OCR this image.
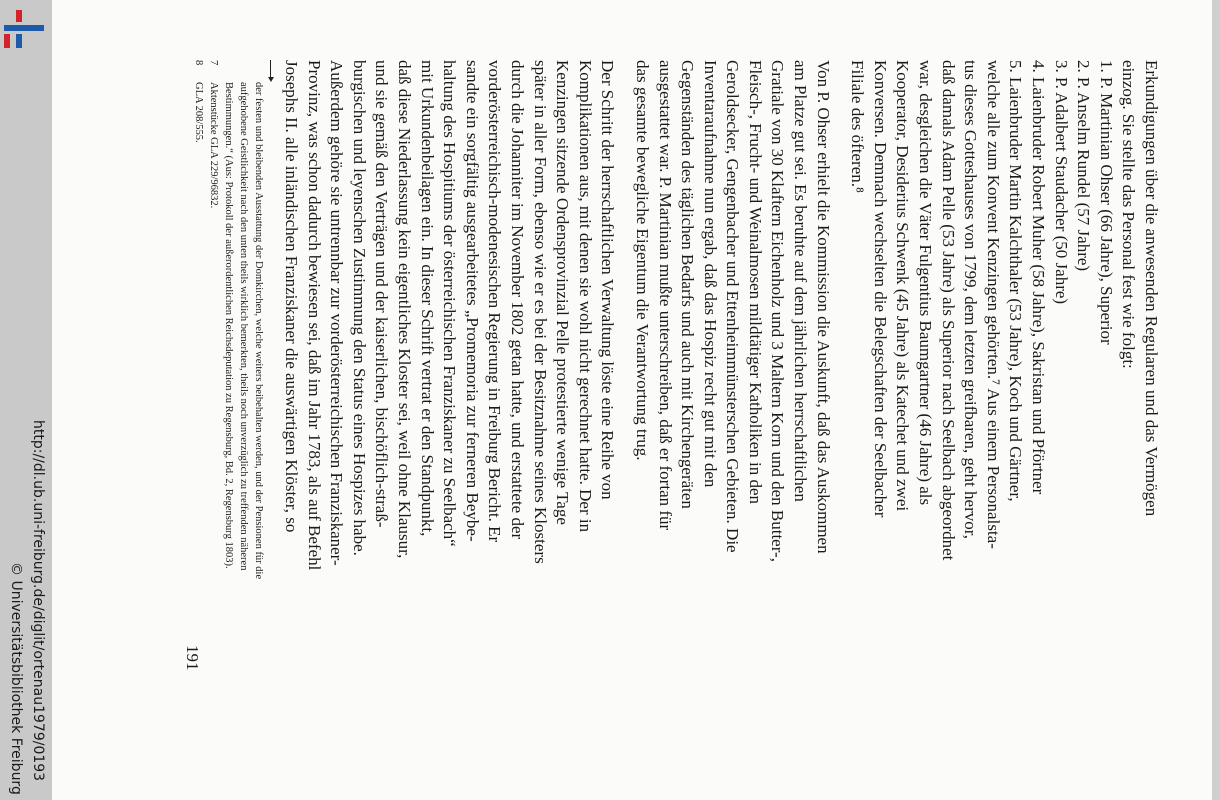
http://dl.ub.uni-freiburg.de/diglit/ortenau1979/0193
© Universitätsbibliothek Freiburg
Erkundigungen über die anwesenden Regularen und das Vermögen
einzog. Sie stellte das Personal fest wie folgt:
1. P. Martinian Ohser (66 Jahre), Superior
2. P. Anselm Rundel (57 Jahre)
3. P. Adalbert Staudacher (50 Jahre)
4. Laienbruder Robert Muher (58 Jahre), Sakristan und Pförtner
5. Laienbruder Martin Kalchthaler (53 Jahre), Koch und Gärtner,
welche alle zum Konvent Kenzingen gehörten.⁷ Aus einem Personalsta-
tus dieses Gotteshauses von 1799, dem letzten greifbaren, geht hervor,
daß damals Adam Pelle (53 Jahre) als Superior nach Seelbach abgeordnet
war, desgleichen die Väter Fulgentius Baumgartner (46 Jahre) als
Kooperator, Desiderius Schwenk (45 Jahre) als Katechet und zwei
Konversen. Demnach wechselten die Belegschaften der Seelbacher
Filiale des öfteren.⁸
Von P. Ohser erhielt die Kommission die Auskunft, daß das Auskommen
am Platze gut sei. Es beruhte auf dem jährlichen herrschaftlichen
Gratiale von 30 Klaftern Eichenholz und 3 Maltern Korn und den Butter-,
Fleisch-, Frucht- und Weinalmosen mildtätiger Katholiken in den
Geroldsecker, Gengenbacher und Ettenheimmünsterschen Gebieten. Die
Inventaraufnahme nun ergab, daß das Hospiz recht gut mit den
Gegenständen des täglichen Bedarfs und auch mit Kirchengeräten
ausgestattet war. P. Martinian mußte unterschreiben, daß er fortan für
das gesamte bewegliche Eigentum die Verantwortung trug.
Der Schritt der herrschaftlichen Verwaltung löste eine Reihe von
Komplikationen aus, mit denen sie wohl nicht gerechnet hatte. Der in
Kenzingen sitzende Ordensprovinzial Pelle protestierte wenige Tage
später in aller Form, ebenso wie er es bei der Besitznahme seines Klosters
durch die Johanniter im November 1802 getan hatte, und erstattete der
vorderösterreichisch-modenesischen Regierung in Freiburg Bericht. Er
sandte ein sorgfältig ausgearbeitetes „Promemoria zur ferneren Beybe-
haltung des Hospitiums der österreichischen Franziskaner zu Seelbach“
mit Urkundenbeilagen ein. In dieser Schrift vertrat er den Standpunkt,
daß diese Niederlassung kein eigentliches Kloster sei, weil ohne Klausur,
und sie gemäß den Verträgen und der kaiserlichen, bischöflich-straß-
burgischen und leyenschen Zustimmung den Status eines Hospizes habe.
Außerdem gehöre sie untrennbar zur vorderösterreichischen Franziskaner-
Provinz, was schon dadurch bewiesen sei, daß im Jahr 1783, als auf Befehl
Josephs II. alle inländischen Franziskaner die auswärtigen Klöster, so

der festen und bleibenden Ausstattung der Domkirchen, welche weiters beibehalten werden, und der Pensionen für die

aufgehobene Geistlichkeit nach den unten theils wirklich bemerkten, theils noch unverzüglich zu treffenden näheren

Bestimmungen.“ (Aus: Protokoll der außerordentlichen Reichsdeputation zu Regensburg, Bd. 2, Regensburg 1803).

7Aktenstücke GLA 229/96832.

8GLA 208/555.

191
